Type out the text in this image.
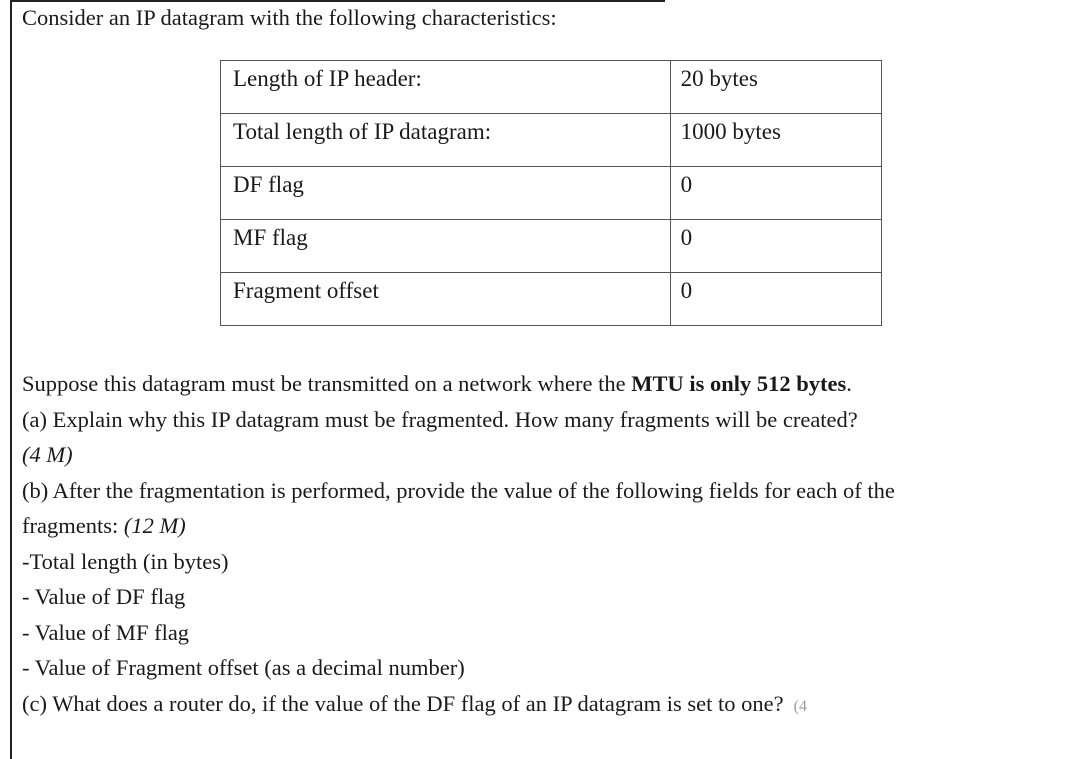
Consider an IP datagram with the following characteristics:
Length of IP header:	20 bytes
Total length of IP datagram:	1000 bytes
DF flag	0
MF flag	0
Fragment offset	0

Suppose this datagram must be transmitted on a network where the MTU is only 512 bytes.

(a) Explain why this IP datagram must be fragmented. How many fragments will be created?

(4 M)

(b) After the fragmentation is performed, provide the value of the following fields for each of the

fragments: (12 M)

-Total length (in bytes)

- Value of DF flag

- Value of MF flag

- Value of Fragment offset (as a decimal number)

(c) What does a router do, if the value of the DF flag of an IP datagram is set to one? (4
